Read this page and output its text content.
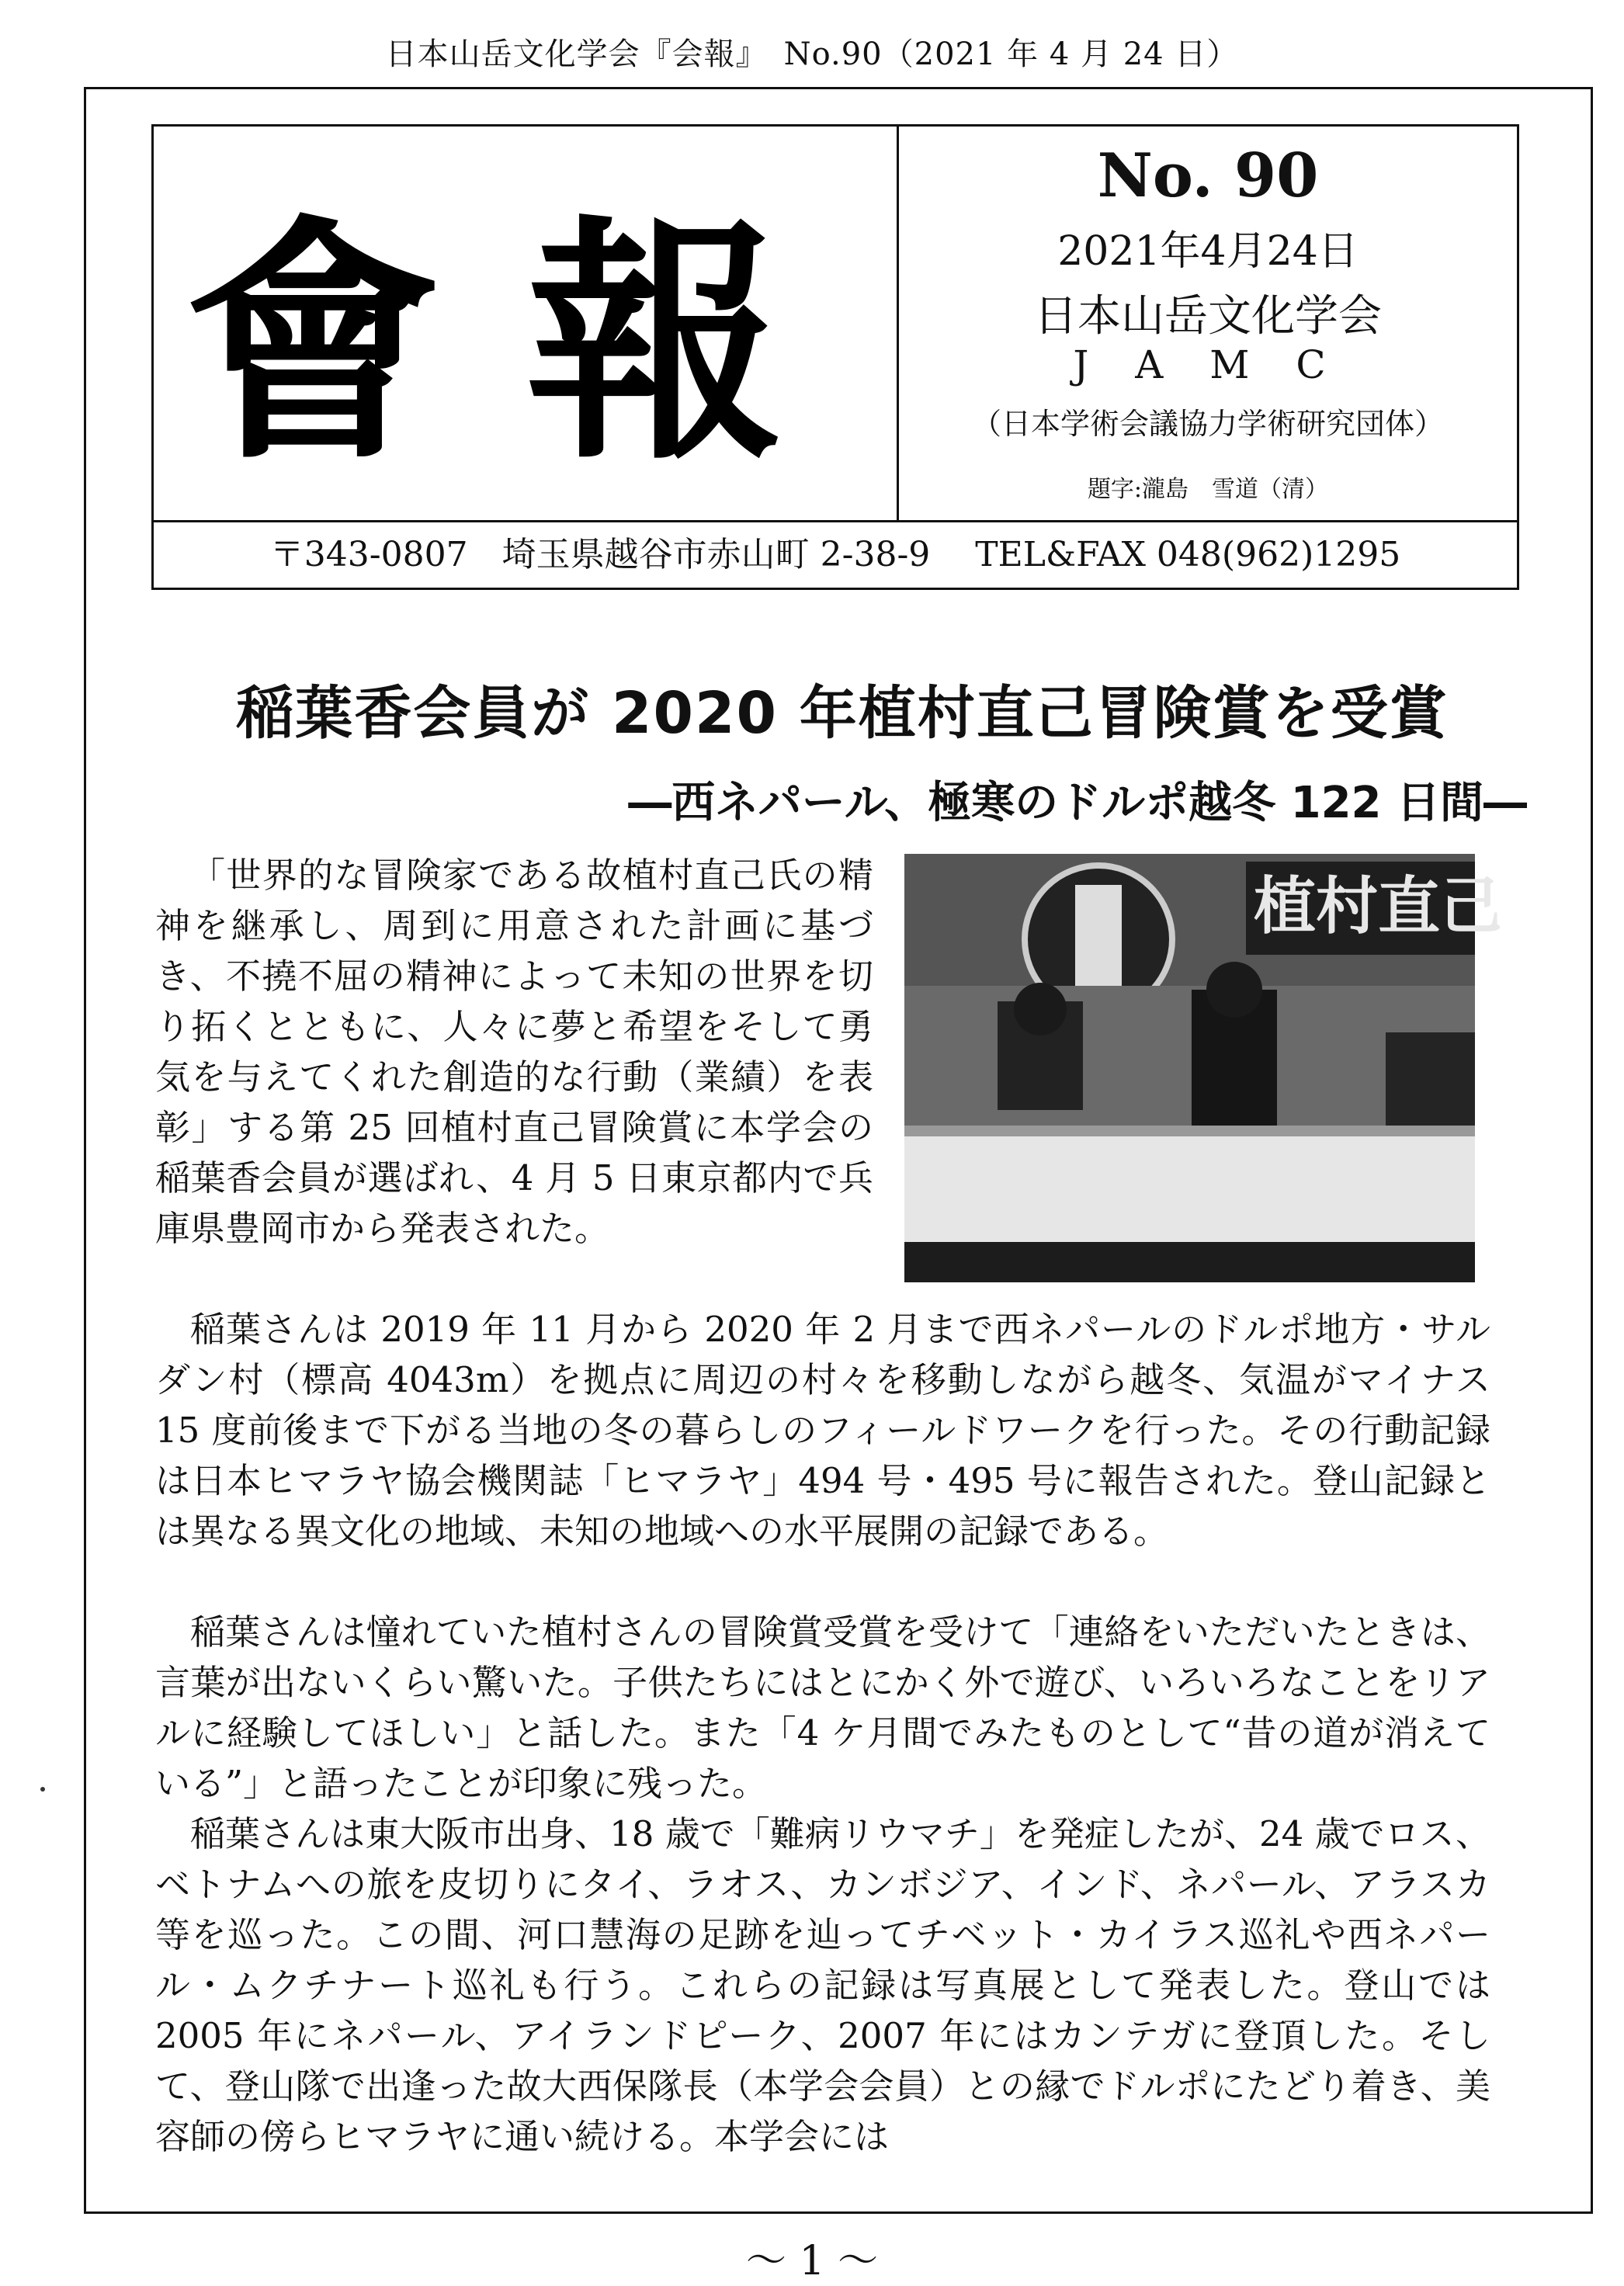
日本山岳文化学会『会報』　No.90（2021 年 4 月 24 日）
會報
No. 90
2021年4月24日
日本山岳文化学会
J A M C
（日本学術会議協力学術研究団体）
題字:瀧島　雪道（清）
〒343-0807　埼玉県越谷市赤山町 2-38-9　 TEL&FAX 048(962)1295
稲葉香会員が 2020 年植村直己冒険賞を受賞
―西ネパール、極寒のドルポ越冬 122 日間―
植村直己

「世界的な冒険家である故植村直己氏の精神を継承し、周到に用意された計画に基づき、不撓不屈の精神によって未知の世界を切り拓くとともに、人々に夢と希望をそして勇気を与えてくれた創造的な行動（業績）を表彰」する第 25 回植村直己冒険賞に本学会の稲葉香会員が選ばれ、4 月 5 日東京都内で兵庫県豊岡市から発表された。

稲葉さんは 2019 年 11 月から 2020 年 2 月まで西ネパールのドルポ地方・サルダン村（標高 4043m）を拠点に周辺の村々を移動しながら越冬、気温がマイナス 15 度前後まで下がる当地の冬の暮らしのフィールドワークを行った。その行動記録は日本ヒマラヤ協会機関誌「ヒマラヤ」494 号・495 号に報告された。登山記録とは異なる異文化の地域、未知の地域への水平展開の記録である。

稲葉さんは憧れていた植村さんの冒険賞受賞を受けて「連絡をいただいたときは、言葉が出ないくらい驚いた。子供たちにはとにかく外で遊び、いろいろなことをリアルに経験してほしい」と話した。また「4 ケ月間でみたものとして“昔の道が消えている”」と語ったことが印象に残った。

稲葉さんは東大阪市出身、18 歳で「難病リウマチ」を発症したが、24 歳でロス、ベトナムへの旅を皮切りにタイ、ラオス、カンボジア、インド、ネパール、アラスカ等を巡った。この間、河口慧海の足跡を辿ってチベット・カイラス巡礼や西ネパール・ムクチナート巡礼も行う。これらの記録は写真展として発表した。登山では 2005 年にネパール、アイランドピーク、2007 年にはカンテガに登頂した。そして、登山隊で出逢った故大西保隊長（本学会会員）との縁でドルポにたどり着き、美容師の傍らヒマラヤに通い続ける。本学会には

～ 1 ～
